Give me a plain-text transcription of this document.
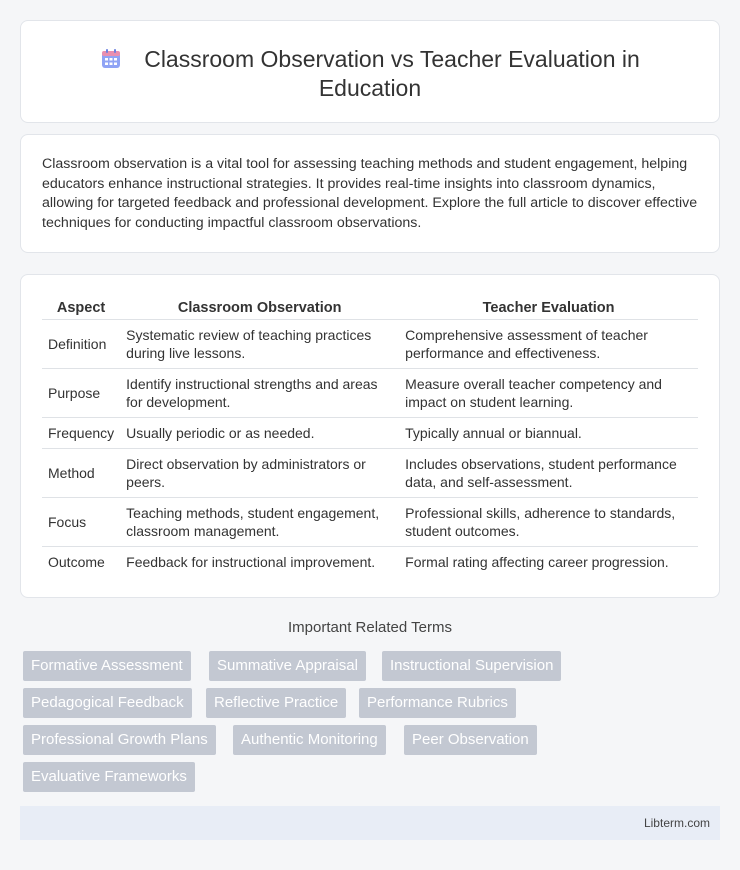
Classroom Observation vs Teacher Evaluation in
Education

Classroom observation is a vital tool for assessing teaching methods and student engagement, helping educators enhance instructional strategies. It provides real-time insights into classroom dynamics, allowing for targeted feedback and professional development. Explore the full article to discover effective techniques for conducting impactful classroom observations.

Aspect	Classroom Observation	Teacher Evaluation
Definition	Systematic review of teaching practices during live lessons.	Comprehensive assessment of teacher performance and effectiveness.
Purpose	Identify instructional strengths and areas for development.	Measure overall teacher competency and impact on student learning.
Frequency	Usually periodic or as needed.	Typically annual or biannual.
Method	Direct observation by administrators or peers.	Includes observations, student performance data, and self-assessment.
Focus	Teaching methods, student engagement, classroom management.	Professional skills, adherence to standards, student outcomes.
Outcome	Feedback for instructional improvement.	Formal rating affecting career progression.
Important Related Terms
Formative Assessment	Summative Appraisal	Instructional Supervision
Pedagogical Feedback	Reflective Practice	Performance Rubrics
Professional Growth Plans	Authentic Monitoring	Peer Observation
Evaluative Frameworks
Libterm.com
